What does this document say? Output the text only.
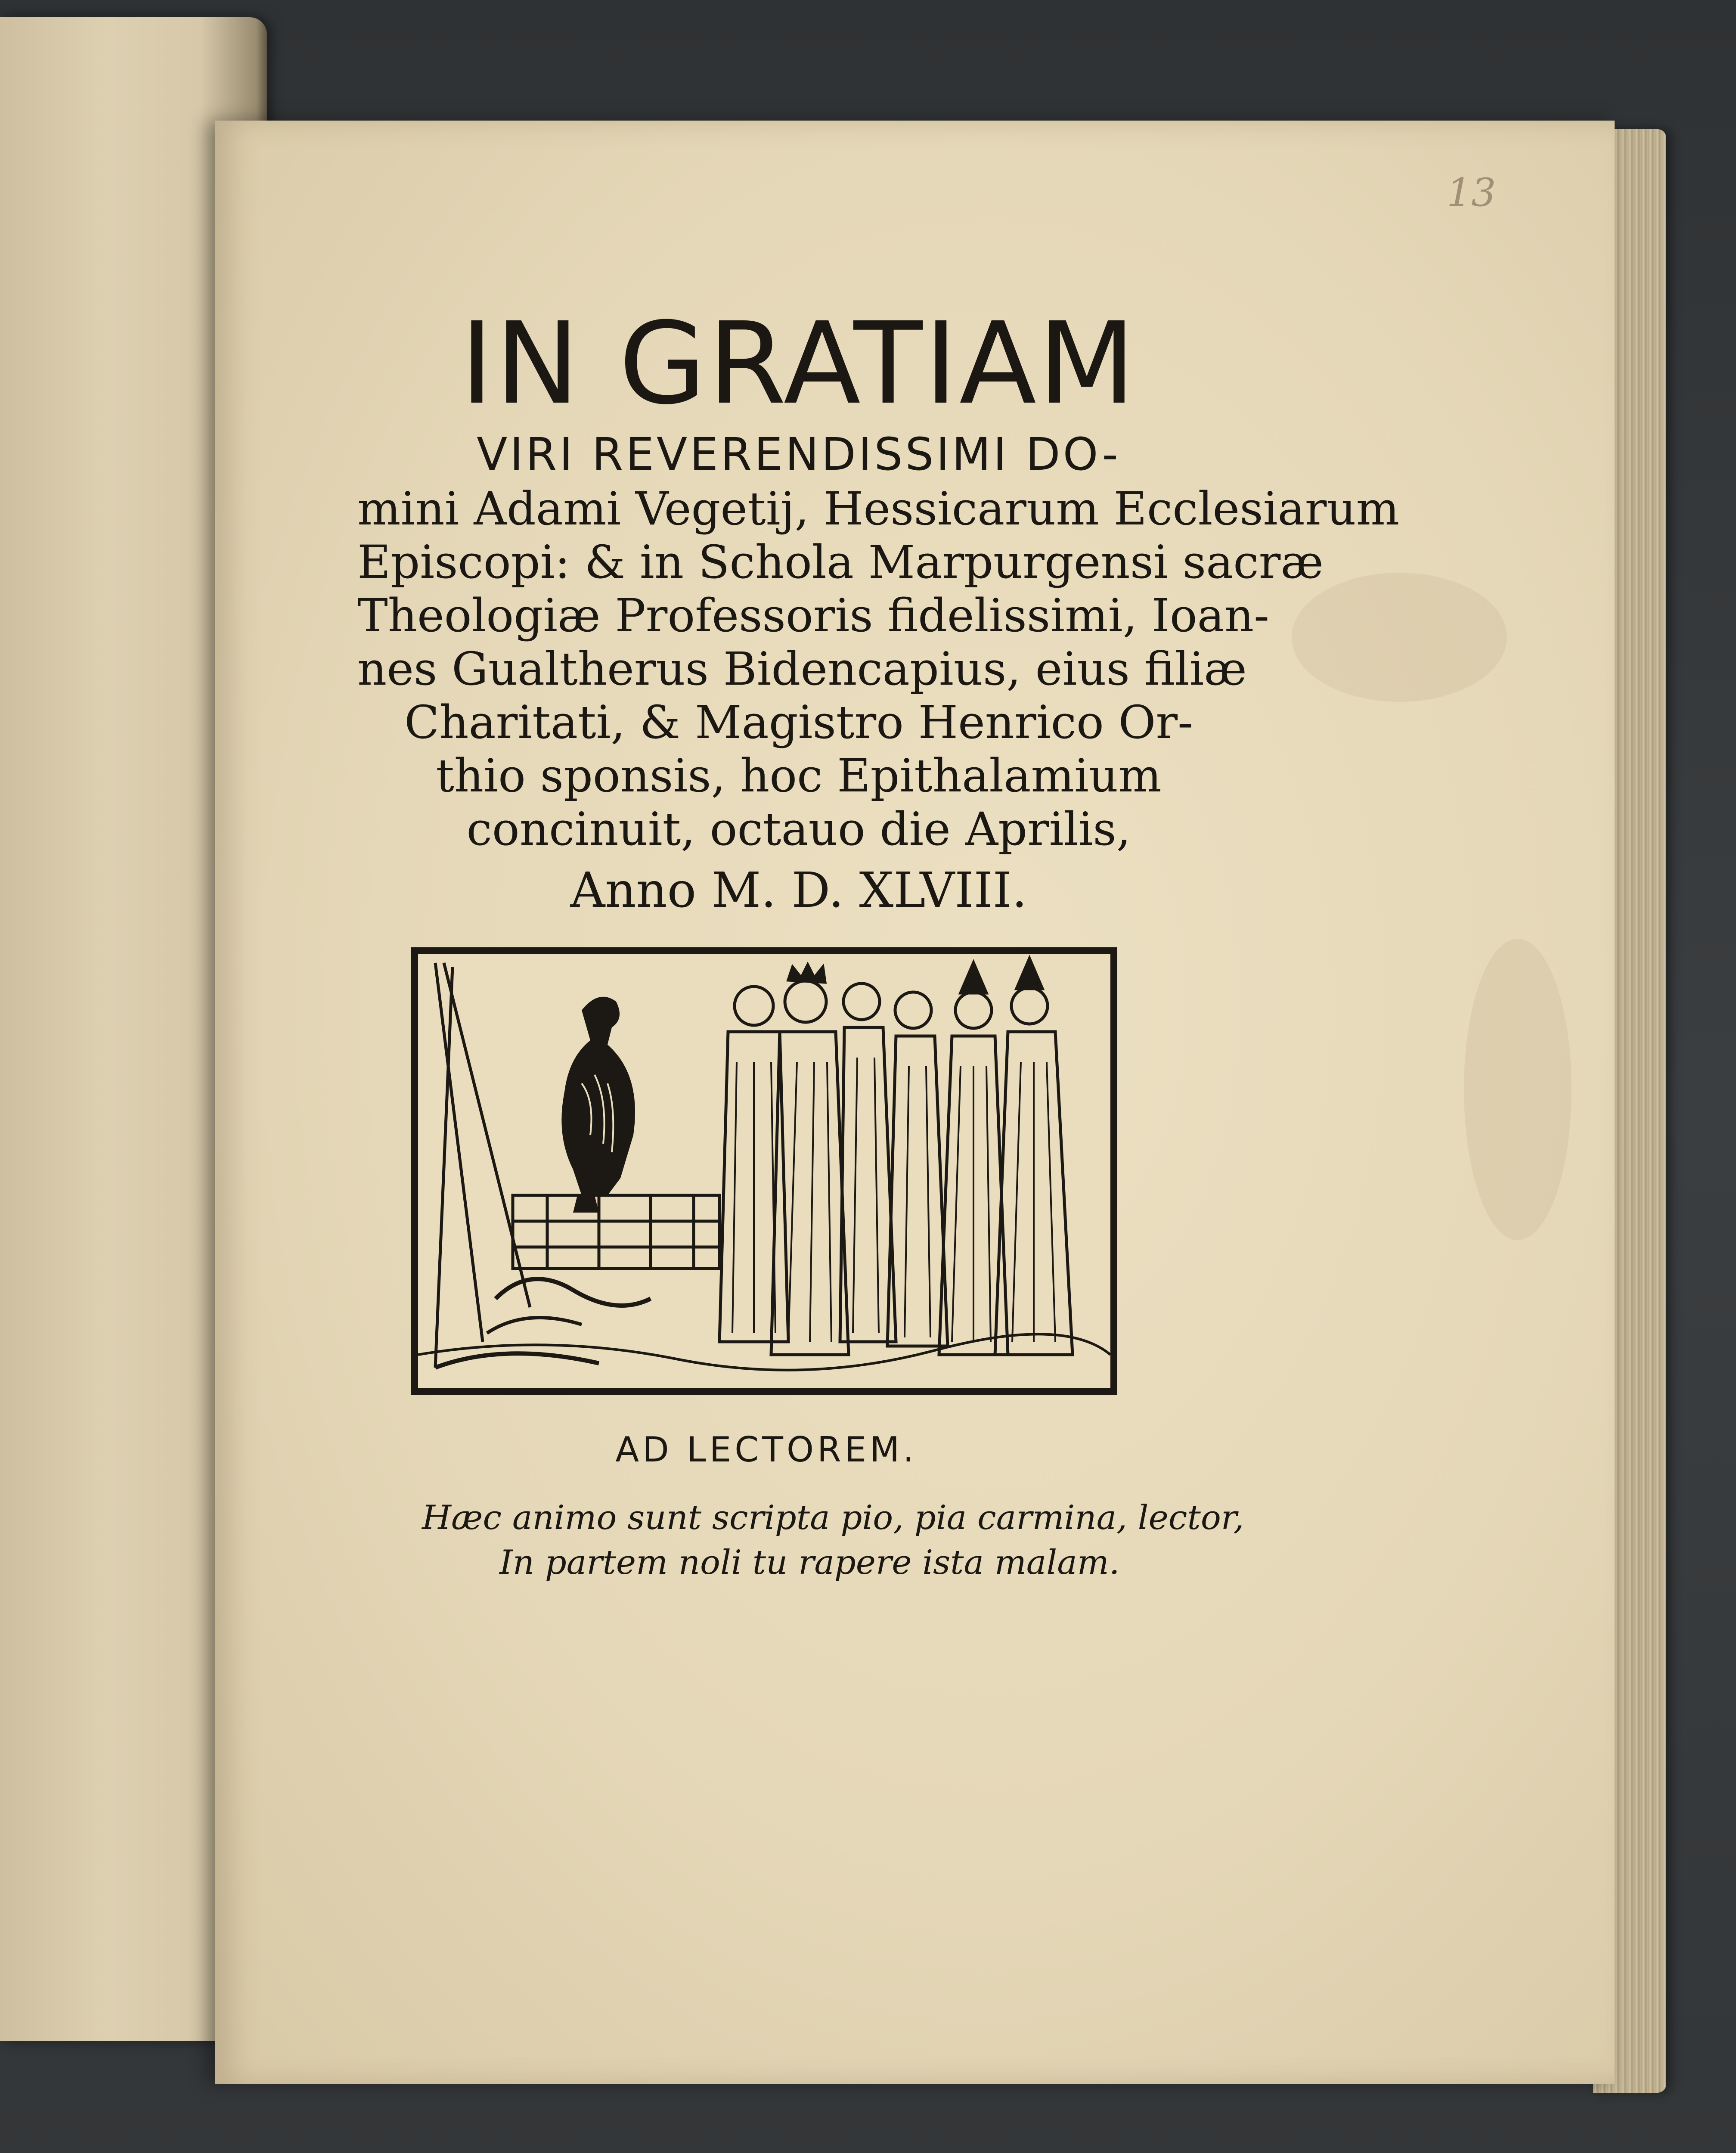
13
IN GRATIAM
VIRI REVERENDISSIMI DO-
mini Adami Vegetij, Hessicarum Ecclesiarum
Episcopi: & in Schola Marpurgensi sacræ
Theologiæ Professoris fidelissimi, Ioan-
nes Gualtherus Bidencapius, eius filiæ
Charitati, & Magistro Henrico Or-
thio sponsis, hoc Epithalamium
concinuit, octauo die Aprilis,
Anno M. D. XLVIII.
AD LECTOREM.
Hæc animo sunt scripta pio, pia carmina, lector,
In partem noli tu rapere ista malam.
